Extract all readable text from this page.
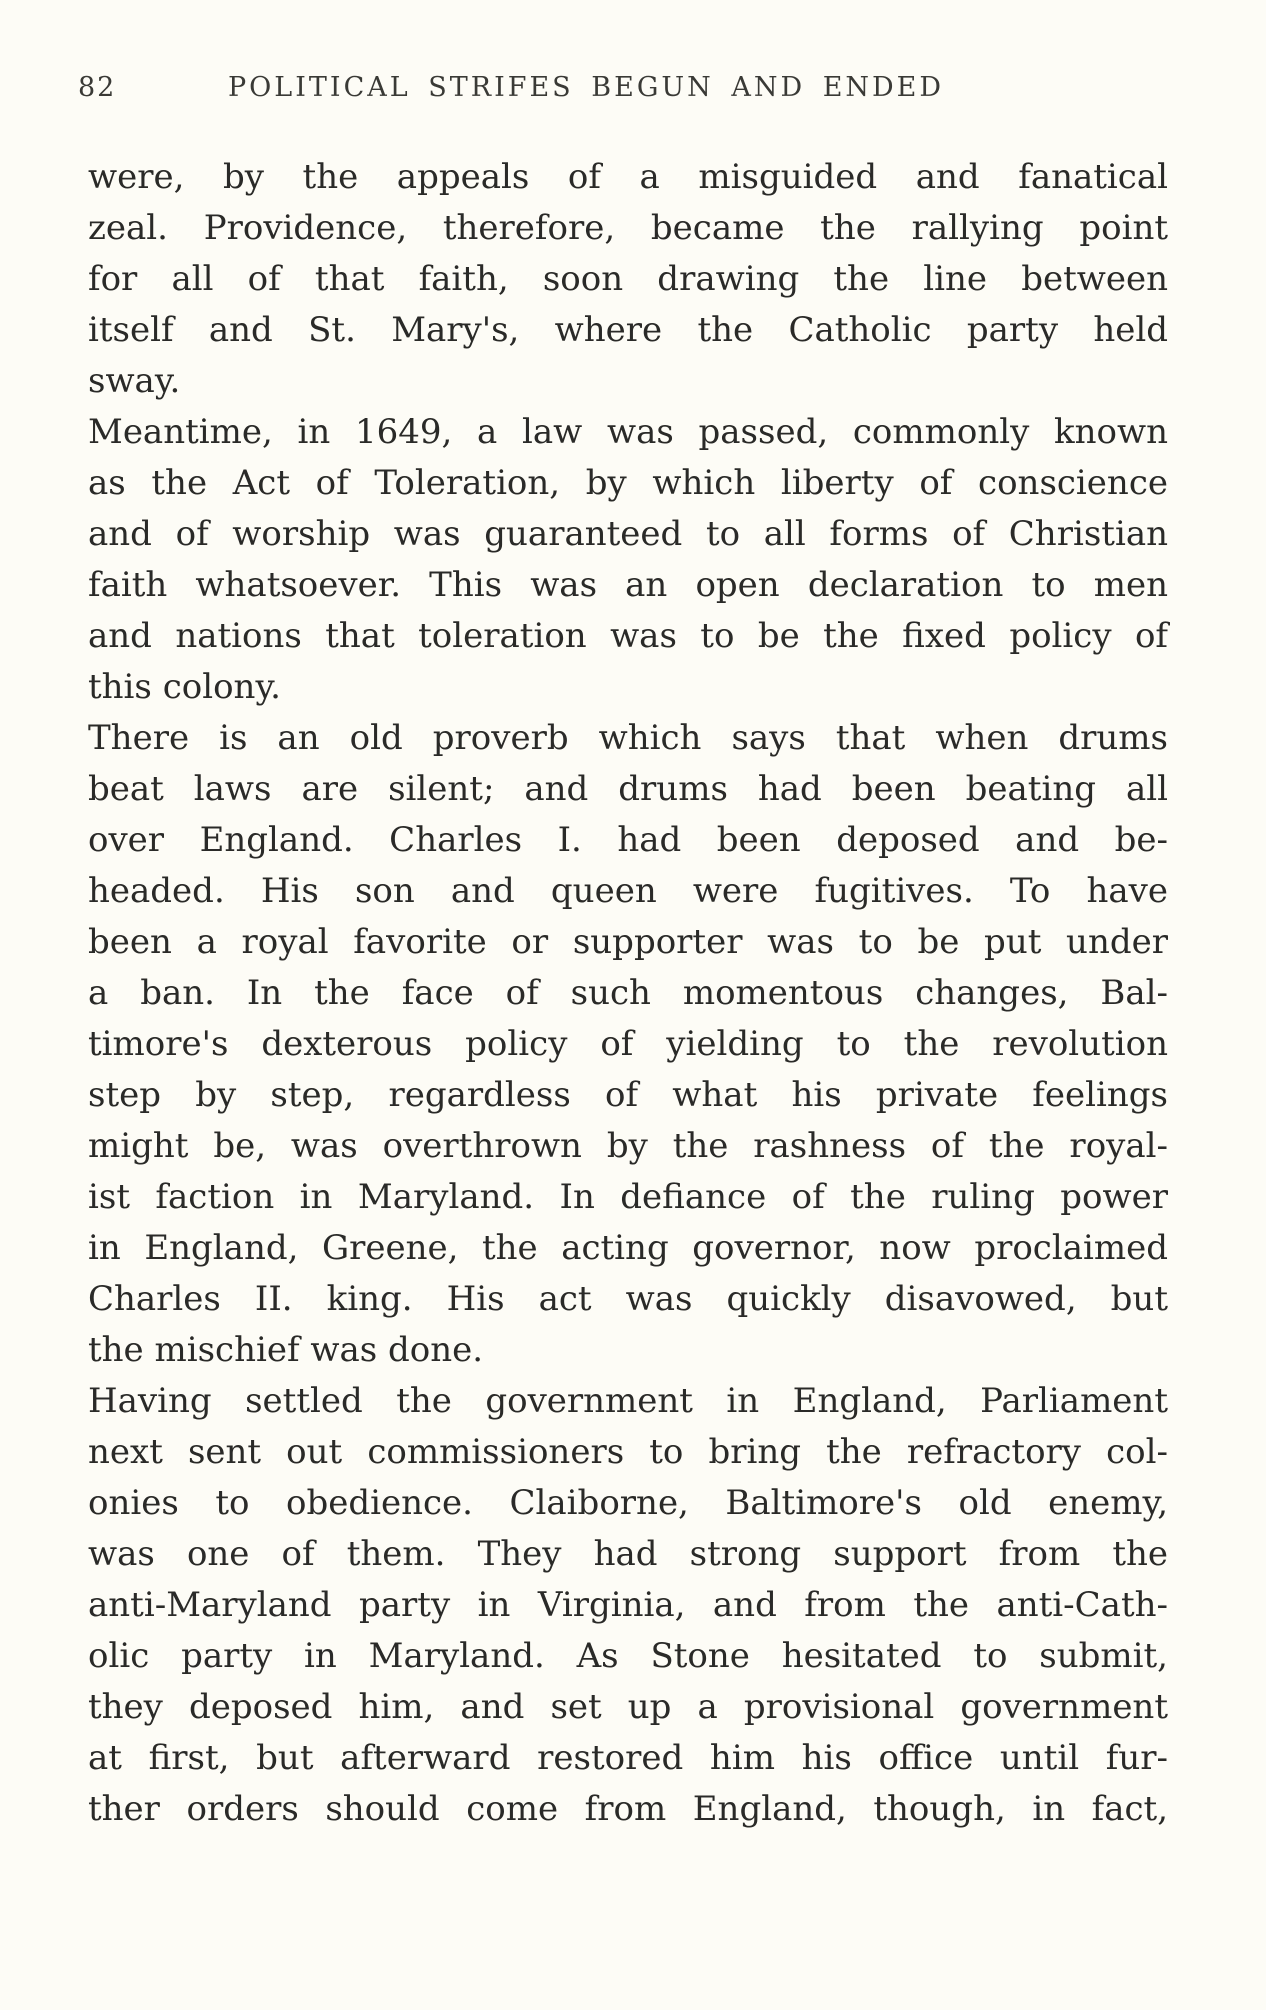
82	POLITICAL STRIFES BEGUN AND ENDED
were, by the appeals of a misguided and fanatical
zeal. Providence, therefore, became the rallying point
for all of that faith, soon drawing the line between
itself and St. Mary's, where the Catholic party held
sway.
Meantime, in 1649, a law was passed, commonly known
as the Act of Toleration, by which liberty of conscience
and of worship was guaranteed to all forms of Christian
faith whatsoever. This was an open declaration to men
and nations that toleration was to be the fixed policy of
this colony.
There is an old proverb which says that when drums
beat laws are silent; and drums had been beating all
over England. Charles I. had been deposed and be-
headed. His son and queen were fugitives. To have
been a royal favorite or supporter was to be put under
a ban. In the face of such momentous changes, Bal-
timore's dexterous policy of yielding to the revolution
step by step, regardless of what his private feelings
might be, was overthrown by the rashness of the royal-
ist faction in Maryland. In defiance of the ruling power
in England, Greene, the acting governor, now proclaimed
Charles II. king. His act was quickly disavowed, but
the mischief was done.
Having settled the government in England, Parliament
next sent out commissioners to bring the refractory col-
onies to obedience. Claiborne, Baltimore's old enemy,
was one of them. They had strong support from the
anti-Maryland party in Virginia, and from the anti-Cath-
olic party in Maryland. As Stone hesitated to submit,
they deposed him, and set up a provisional government
at first, but afterward restored him his office until fur-
ther orders should come from England, though, in fact,
